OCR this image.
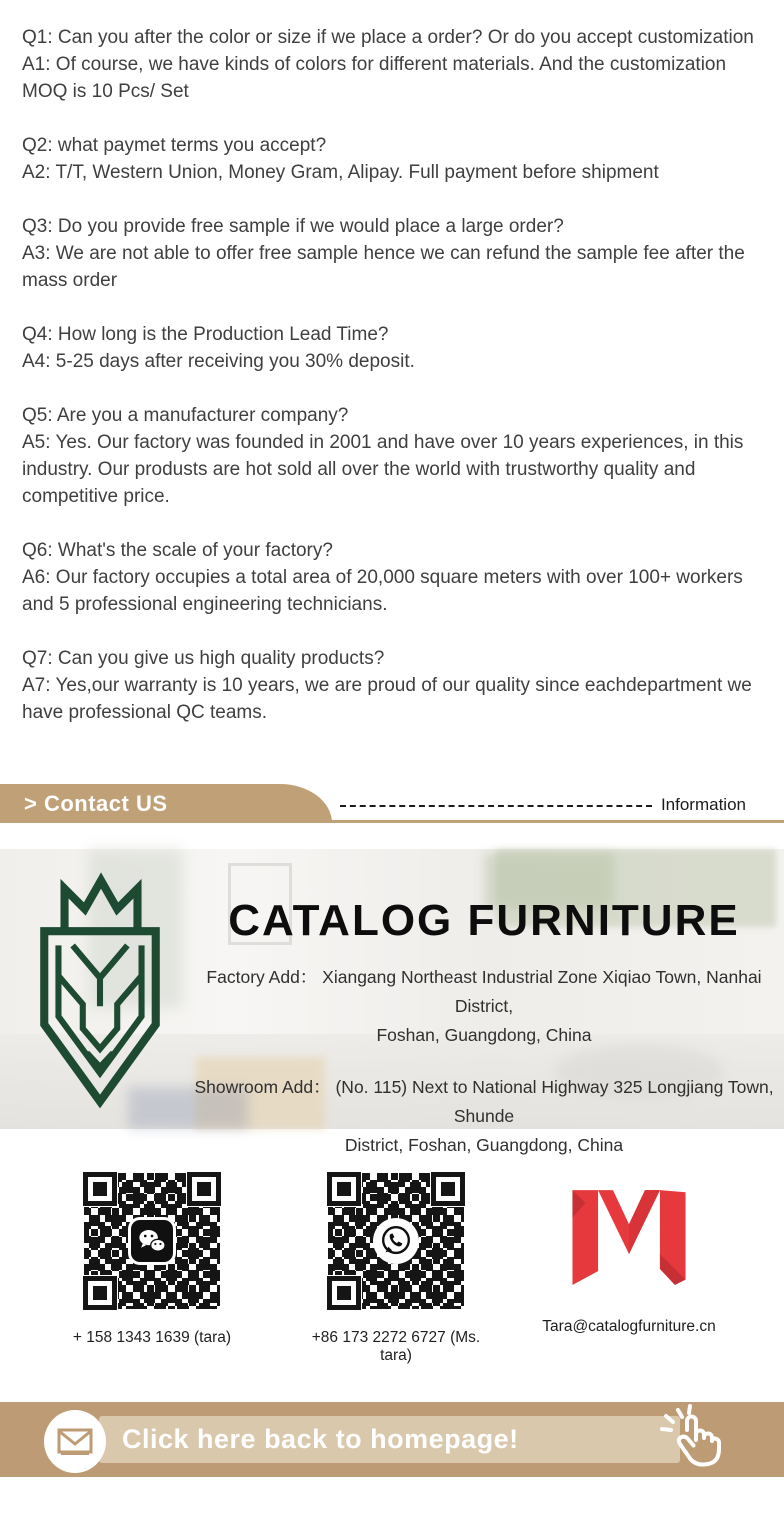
Q1: Can you after the color or size if we place a order? Or do you accept customization

A1: Of course, we have kinds of colors for different materials. And the customization MOQ is 10 Pcs/ Set

Q2: what paymet terms you accept?

A2: T/T, Western Union, Money Gram, Alipay. Full payment before shipment

Q3: Do you provide free sample if we would place a large order?

A3: We are not able to offer free sample hence we can refund the sample fee after the mass order

Q4: How long is the Production Lead Time?

A4: 5-25 days after receiving you 30% deposit.

Q5: Are you a manufacturer company?

A5: Yes. Our factory was founded in 2001 and have over 10 years experiences, in this industry. Our produsts are hot sold all over the world with trustworthy quality and competitive price.

Q6: What's the scale of your factory?

A6: Our factory occupies a total area of 20,000 square meters with over 100+ workers and 5 professional engineering technicians.

Q7: Can you give us high quality products?

A7: Yes,our warranty is 10 years, we are proud of our quality since eachdepartment we have professional QC teams.

> Contact US	Information
CATALOG FURNITURE
Factory Add： Xiangang Northeast Industrial Zone Xiqiao Town, Nanhai District,
Foshan, Guangdong, China
Showroom Add： (No. 115) Next to National Highway 325 Longjiang Town, Shunde
District, Foshan, Guangdong, China
+ 158 1343 1639 (tara)	+86 173 2272 6727 (Ms. tara)
Tara@catalogfurniture.cn
Click here back to homepage!
